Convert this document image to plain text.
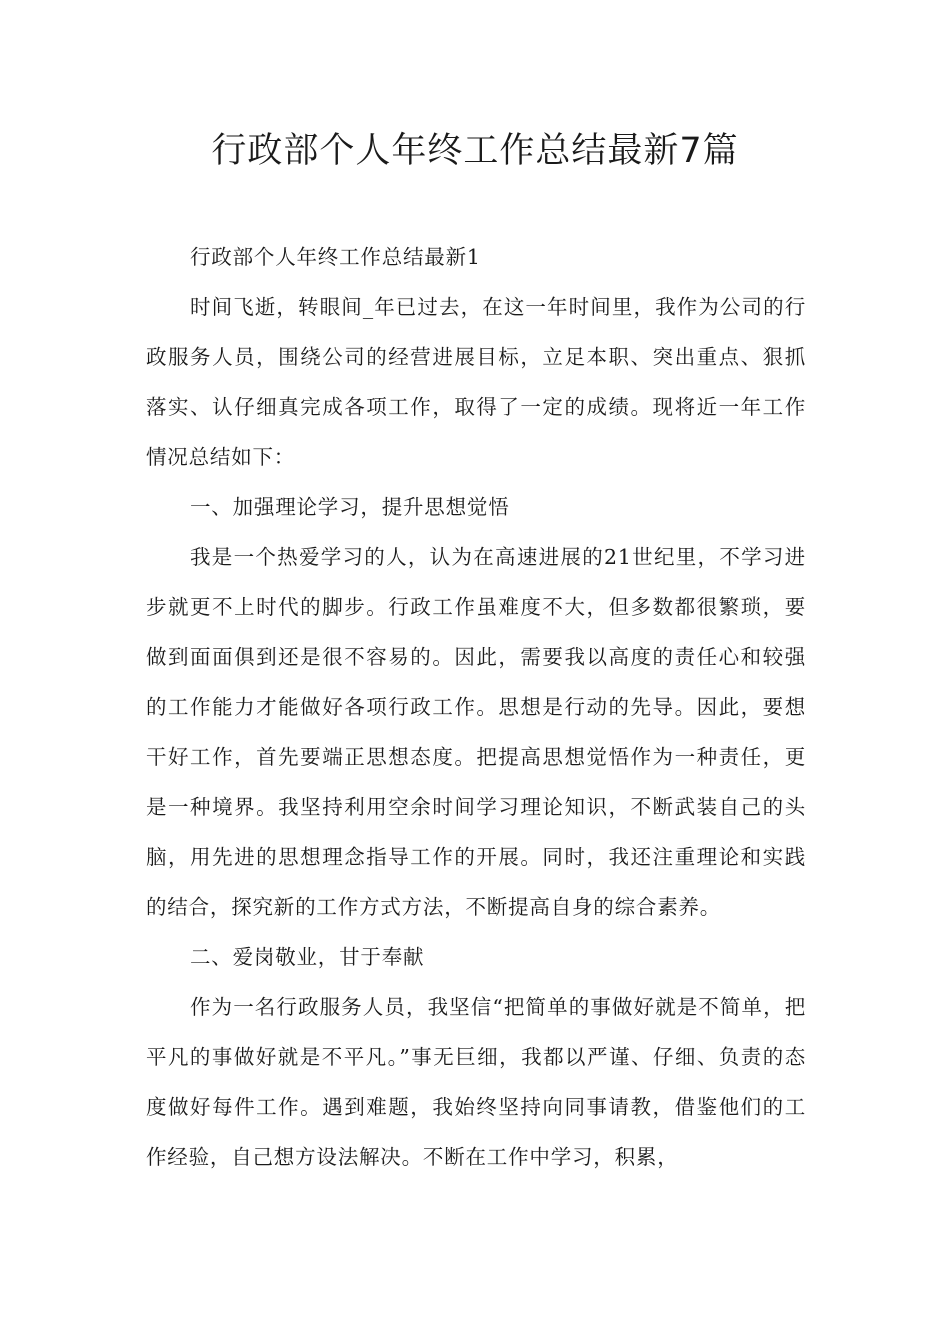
行政部个人年终工作总结最新7篇

行政部个人年终工作总结最新1

时间飞逝，转眼间_年已过去，在这一年时间里，我作为公司的行政服务人员，围绕公司的经营进展目标，立足本职、突出重点、狠抓落实、认仔细真完成各项工作，取得了一定的成绩。现将近一年工作情况总结如下：

一、加强理论学习，提升思想觉悟

我是一个热爱学习的人，认为在高速进展的21世纪里，不学习进步就更不上时代的脚步。行政工作虽难度不大，但多数都很繁琐，要做到面面俱到还是很不容易的。因此，需要我以高度的责任心和较强的工作能力才能做好各项行政工作。思想是行动的先导。因此，要想干好工作，首先要端正思想态度。把提高思想觉悟作为一种责任，更是一种境界。我坚持利用空余时间学习理论知识，不断武装自己的头脑，用先进的思想理念指导工作的开展。同时，我还注重理论和实践的结合，探究新的工作方式方法，不断提高自身的综合素养。

二、爱岗敬业，甘于奉献

作为一名行政服务人员，我坚信“把简单的事做好就是不简单，把平凡的事做好就是不平凡。”事无巨细，我都以严谨、仔细、负责的态度做好每件工作。遇到难题，我始终坚持向同事请教，借鉴他们的工作经验，自己想方设法解决。不断在工作中学习，积累，
